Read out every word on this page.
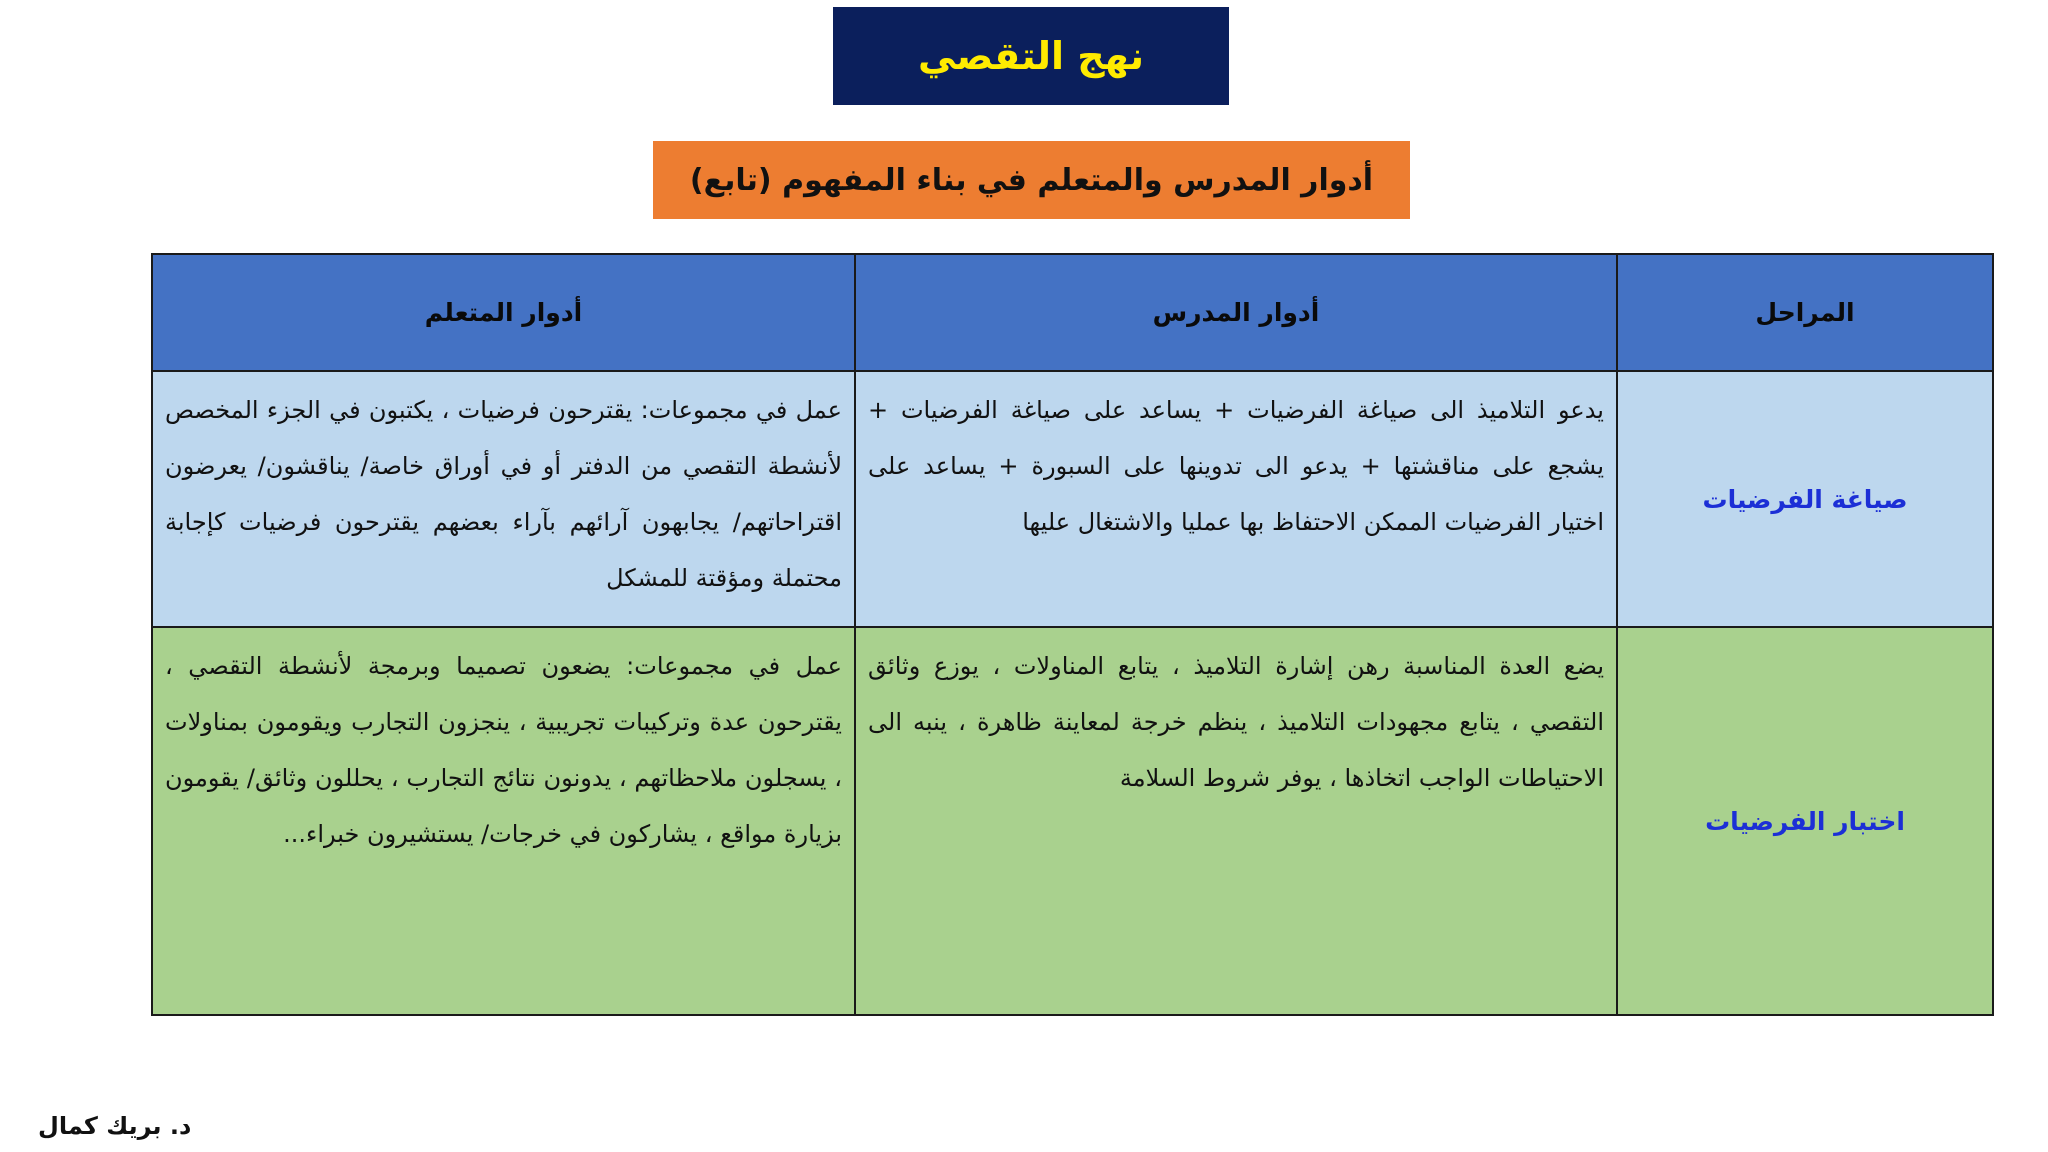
نهج التقصي
أدوار المدرس والمتعلم في بناء المفهوم (تابع)
المراحل	أدوار المدرس	أدوار المتعلم
صياغة الفرضيات	يدعو التلاميذ الى صياغة الفرضيات + يساعد على صياغة الفرضيات + يشجع على مناقشتها + يدعو الى تدوينها على السبورة + يساعد على اختيار الفرضيات الممكن الاحتفاظ بها عمليا والاشتغال عليها	عمل في مجموعات: يقترحون فرضيات ، يكتبون في الجزء المخصص لأنشطة التقصي من الدفتر أو في أوراق خاصة/ يناقشون/ يعرضون اقتراحاتهم/ يجابهون آرائهم بآراء بعضهم يقترحون فرضيات كإجابة محتملة ومؤقتة للمشكل
اختبار الفرضيات	يضع العدة المناسبة رهن إشارة التلاميذ ، يتابع المناولات ، يوزع وثائق التقصي ، يتابع مجهودات التلاميذ ، ينظم خرجة لمعاينة ظاهرة ، ينبه الى الاحتياطات الواجب اتخاذها ، يوفر شروط السلامة	عمل في مجموعات: يضعون تصميما وبرمجة لأنشطة التقصي ، يقترحون عدة وتركيبات تجريبية ، ينجزون التجارب ويقومون بمناولات ، يسجلون ملاحظاتهم ، يدونون نتائج التجارب ، يحللون وثائق/ يقومون بزيارة مواقع ، يشاركون في خرجات/ يستشيرون خبراء...
د. بريك كمال
